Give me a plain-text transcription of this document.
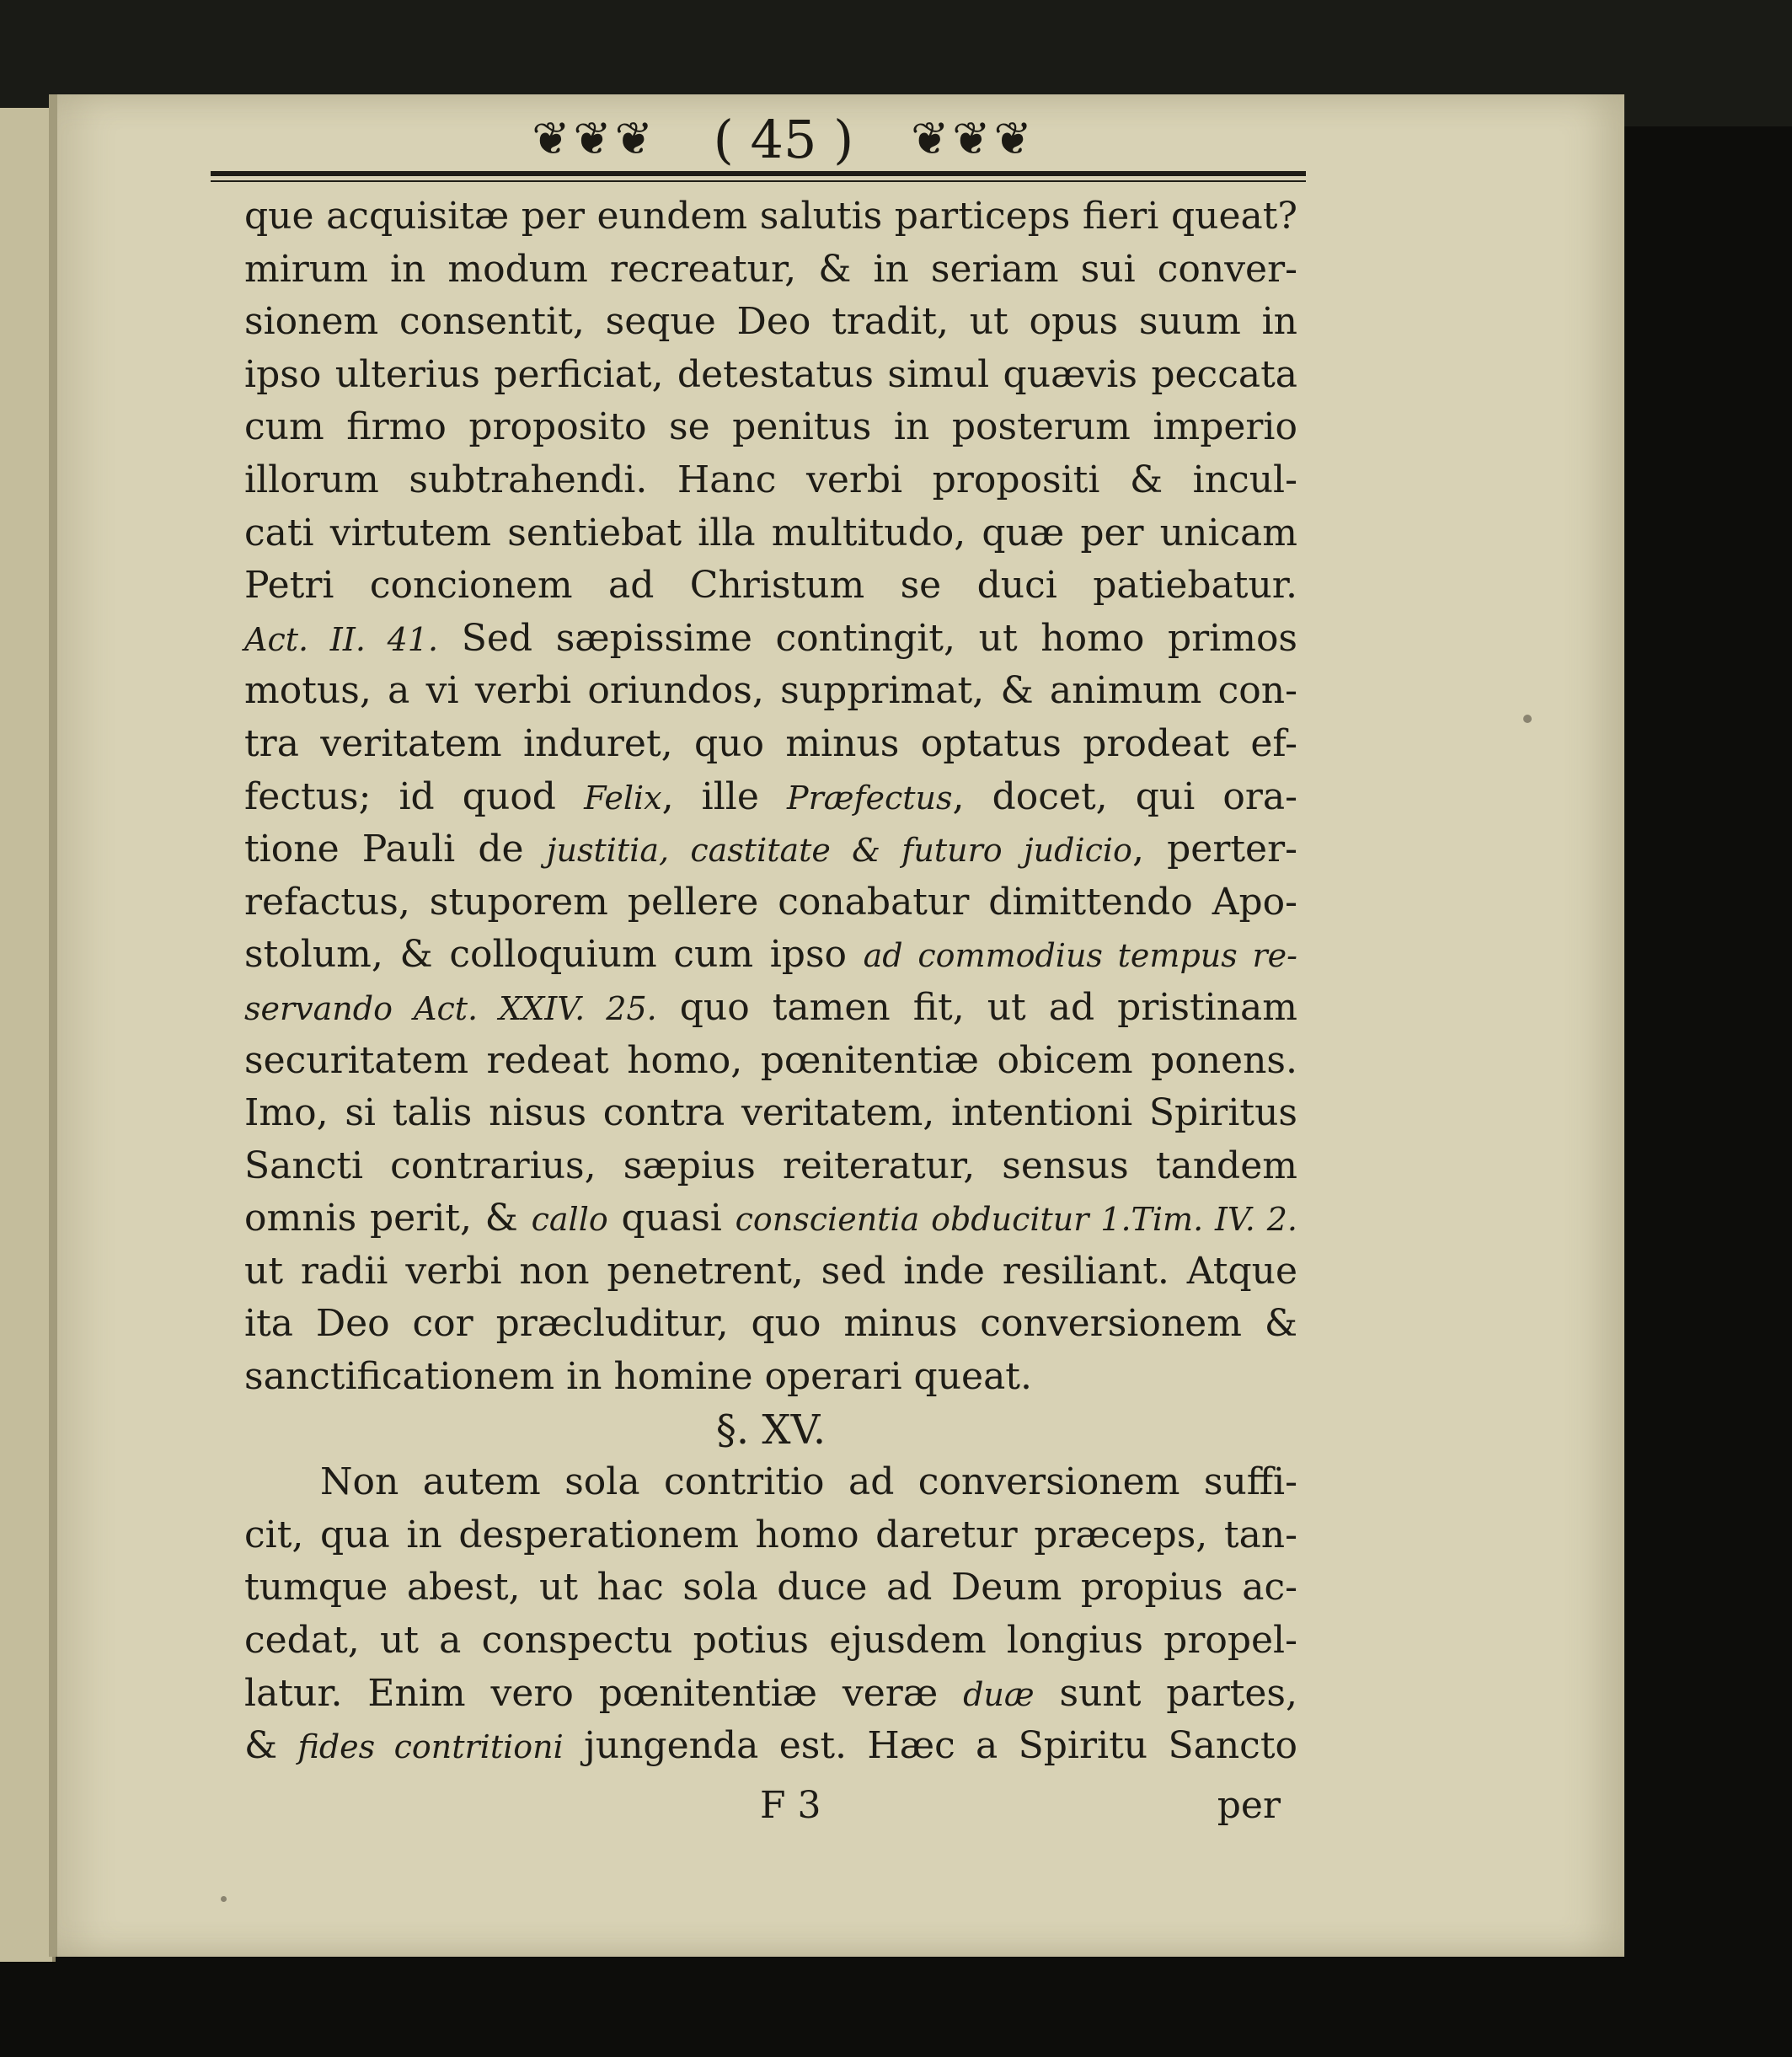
❦❦❦ ( 45 ) ❦❦❦
que acquisitæ per eundem salutis particeps fieri queat?
mirum in modum recreatur, & in seriam sui conver-
sionem consentit, seque Deo tradit, ut opus suum in
ipso ulterius perficiat, detestatus simul quævis peccata
cum firmo proposito se penitus in posterum imperio
illorum subtrahendi. Hanc verbi propositi & incul-
cati virtutem sentiebat illa multitudo, quæ per unicam
Petri concionem ad Christum se duci patiebatur.
Act. II. 41. Sed sæpissime contingit, ut homo primos
motus, a vi verbi oriundos, supprimat, & animum con-
tra veritatem induret, quo minus optatus prodeat ef-
fectus; id quod Felix, ille Præfectus, docet, qui ora-
tione Pauli de justitia, castitate & futuro judicio, perter-
refactus, stuporem pellere conabatur dimittendo Apo-
stolum, & colloquium cum ipso ad commodius tempus re-
servando Act. XXIV. 25. quo tamen fit, ut ad pristinam
securitatem redeat homo, pœnitentiæ obicem ponens.
Imo, si talis nisus contra veritatem, intentioni Spiritus
Sancti contrarius, sæpius reiteratur, sensus tandem
omnis perit, & callo quasi conscientia obducitur 1.Tim. IV. 2.
ut radii verbi non penetrent, sed inde resiliant. Atque
ita Deo cor præcluditur, quo minus conversionem &
sanctificationem in homine operari queat.
§. XV.
Non autem sola contritio ad conversionem suffi-
cit, qua in desperationem homo daretur præceps, tan-
tumque abest, ut hac sola duce ad Deum propius ac-
cedat, ut a conspectu potius ejusdem longius propel-
latur. Enim vero pœnitentiæ veræ duæ sunt partes,
& fides contritioni jungenda est. Hæc a Spiritu Sancto
F 3	per
